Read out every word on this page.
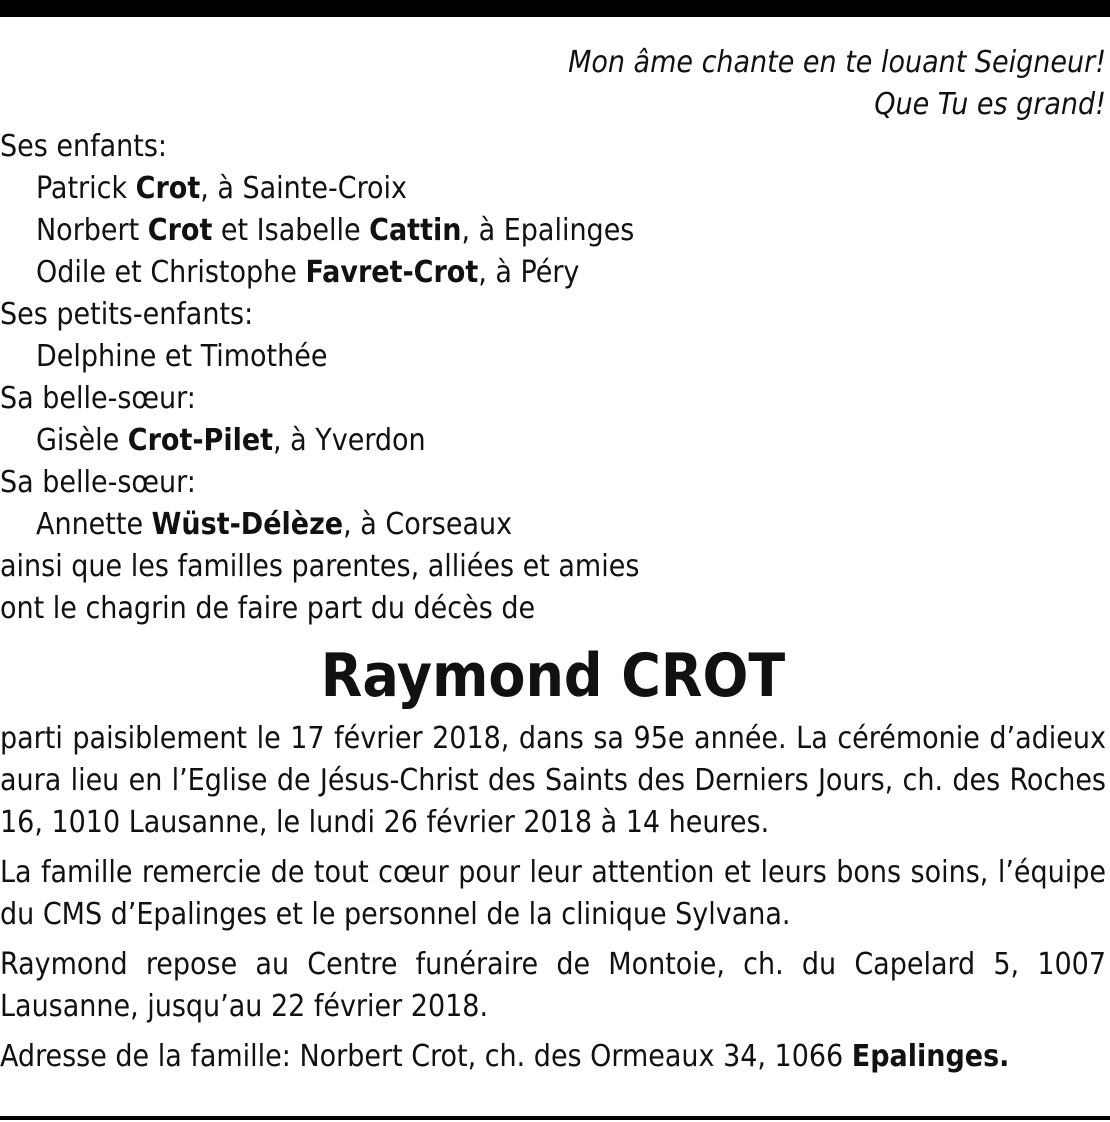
Mon âme chante en te louant Seigneur!
Que Tu es grand!
Ses enfants:
Patrick Crot, à Sainte-Croix
Norbert Crot et Isabelle Cattin, à Epalinges
Odile et Christophe Favret-Crot, à Péry
Ses petits-enfants:
Delphine et Timothée
Sa belle-sœur:
Gisèle Crot-Pilet, à Yverdon
Sa belle-sœur:
Annette Wüst-Délèze, à Corseaux
ainsi que les familles parentes, alliées et amies
ont le chagrin de faire part du décès de
Raymond CROT
parti paisiblement le 17 février 2018, dans sa 95e année. La cérémonie d’adieux aura lieu en l’Eglise de Jésus-Christ des Saints des Derniers Jours, ch. des Roches 16, 1010 Lausanne, le lundi 26 février 2018 à 14 heures.
La famille remercie de tout cœur pour leur attention et leurs bons soins, l’équipe du CMS d’Epalinges et le personnel de la clinique Sylvana.
Raymond repose au Centre funéraire de Montoie, ch. du Capelard 5, 1007 Lausanne, jusqu’au 22 février 2018.
Adresse de la famille: Norbert Crot, ch. des Ormeaux 34, 1066 Epalinges.
